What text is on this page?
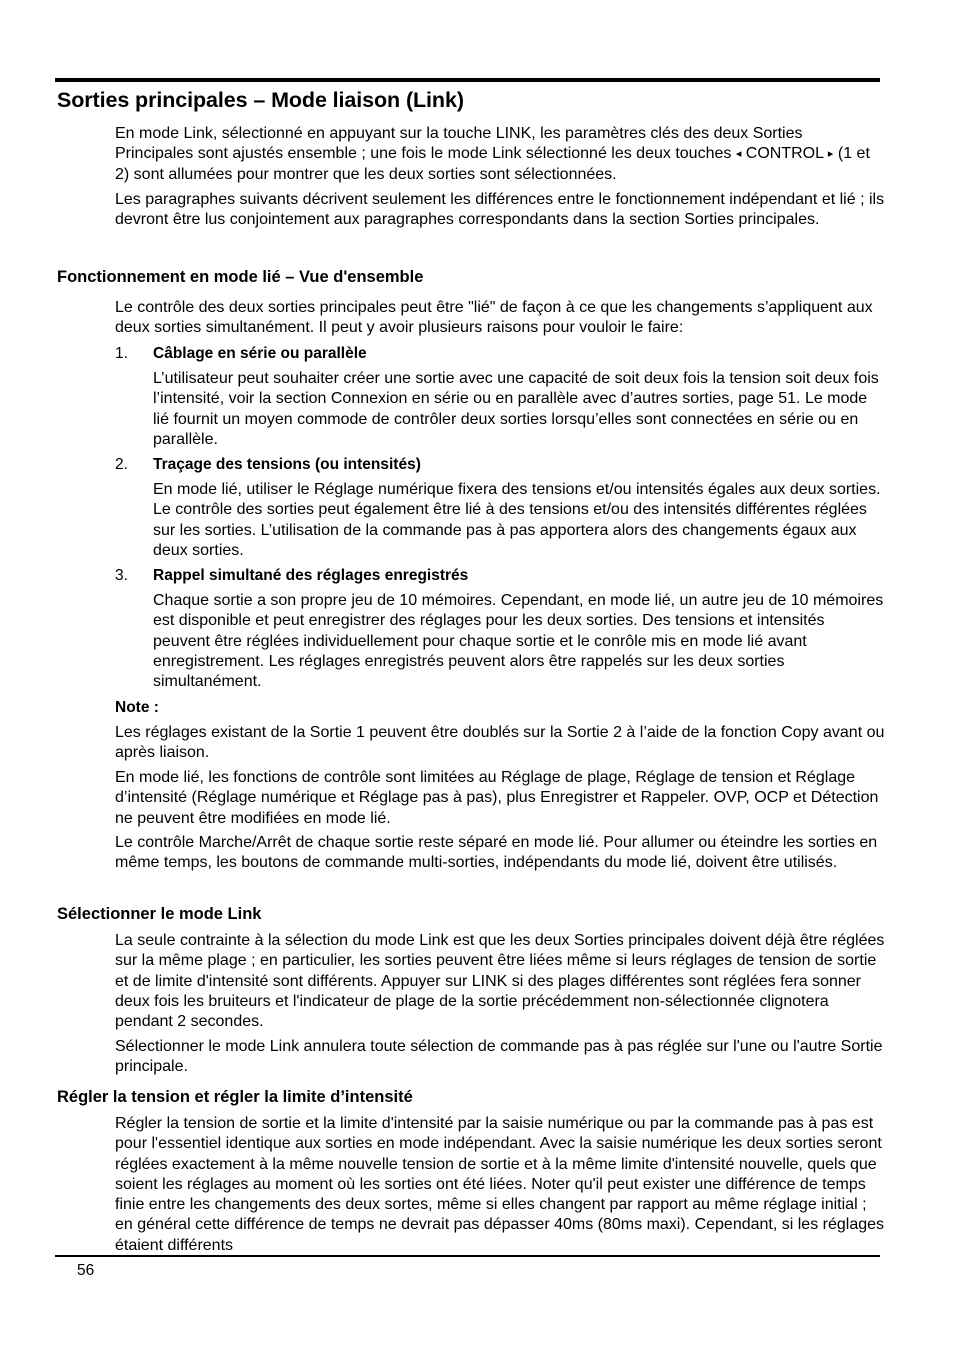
Sorties principales – Mode liaison (Link)

En mode Link, sélectionné en appuyant sur la touche LINK, les paramètres clés des deux Sorties Principales sont ajustés ensemble ; une fois le mode Link sélectionné les deux touches ◂ CONTROL ▸ (1 et 2) sont allumées pour montrer que les deux sorties sont sélectionnées.

Les paragraphes suivants décrivent seulement les différences entre le fonctionnement indépendant et lié ; ils devront être lus conjointement aux paragraphes correspondants dans la section Sorties principales.

Fonctionnement en mode lié – Vue d'ensemble

Le contrôle des deux sorties principales peut être "lié" de façon à ce que les changements s’appliquent aux deux sorties simultanément. Il peut y avoir plusieurs raisons pour vouloir le faire:

1. Câblage en série ou parallèle

L’utilisateur peut souhaiter créer une sortie avec une capacité de soit deux fois la tension soit deux fois l’intensité, voir la section Connexion en série ou en parallèle avec d’autres sorties, page 51. Le mode lié fournit un moyen commode de contrôler deux sorties lorsqu’elles sont connectées en série ou en parallèle.

2. Traçage des tensions (ou intensités)

En mode lié, utiliser le Réglage numérique fixera des tensions et/ou intensités égales aux deux sorties. Le contrôle des sorties peut également être lié à des tensions et/ou des intensités différentes réglées sur les sorties. L’utilisation de la commande pas à pas apportera alors des changements égaux aux deux sorties.

3. Rappel simultané des réglages enregistrés

Chaque sortie a son propre jeu de 10 mémoires. Cependant, en mode lié, un autre jeu de 10 mémoires est disponible et peut enregistrer des réglages pour les deux sorties. Des tensions et intensités peuvent être réglées individuellement pour chaque sortie et le conrôle mis en mode lié avant enregistrement. Les réglages enregistrés peuvent alors être rappelés sur les deux sorties simultanément.

Note :

Les réglages existant de la Sortie 1 peuvent être doublés sur la Sortie 2 à l’aide de la fonction Copy avant ou après liaison.

En mode lié, les fonctions de contrôle sont limitées au Réglage de plage, Réglage de tension et Réglage d’intensité (Réglage numérique et Réglage pas à pas), plus Enregistrer et Rappeler. OVP, OCP et Détection ne peuvent être modifiées en mode lié.

Le contrôle Marche/Arrêt de chaque sortie reste séparé en mode lié. Pour allumer ou éteindre les sorties en même temps, les boutons de commande multi-sorties, indépendants du mode lié, doivent être utilisés.

Sélectionner le mode Link

La seule contrainte à la sélection du mode Link est que les deux Sorties principales doivent déjà être réglées sur la même plage ; en particulier, les sorties peuvent être liées même si leurs réglages de tension de sortie et de limite d'intensité sont différents. Appuyer sur LINK si des plages différentes sont réglées fera sonner deux fois les bruiteurs et l'indicateur de plage de la sortie précédemment non-sélectionnée clignotera pendant 2 secondes.

Sélectionner le mode Link annulera toute sélection de commande pas à pas réglée sur l'une ou l'autre Sortie principale.

Régler la tension et régler la limite d’intensité

Régler la tension de sortie et la limite d'intensité par la saisie numérique ou par la commande pas à pas est pour l'essentiel identique aux sorties en mode indépendant. Avec la saisie numérique les deux sorties seront réglées exactement à la même nouvelle tension de sortie et à la même limite d'intensité nouvelle, quels que soient les réglages au moment où les sorties ont été liées. Noter qu'il peut exister une différence de temps finie entre les changements des deux sortes, même si elles changent par rapport au même réglage initial ; en général cette différence de temps ne devrait pas dépasser 40ms (80ms maxi). Cependant, si les réglages étaient différents

56
